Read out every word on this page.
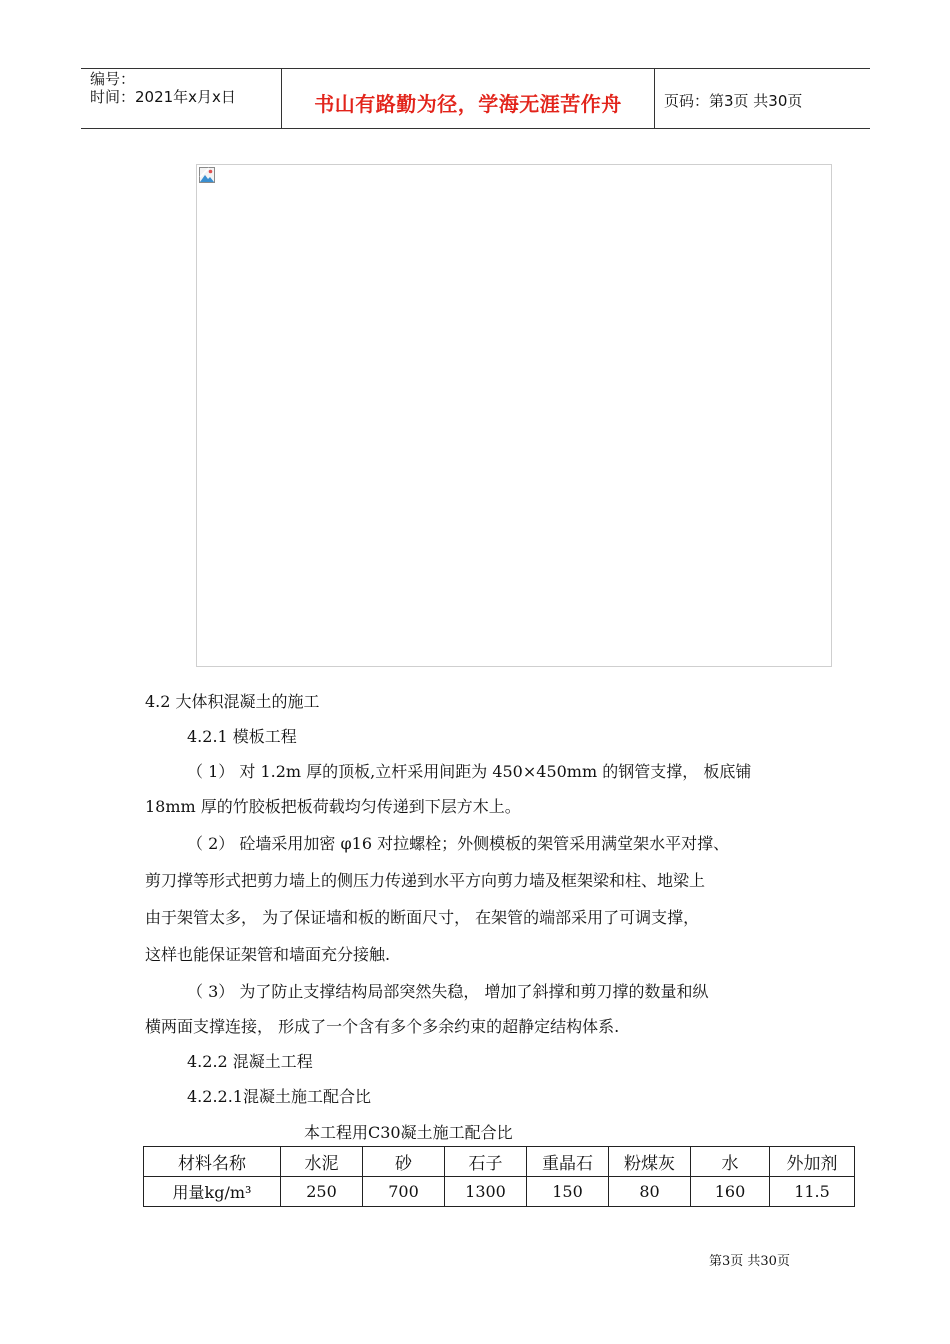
编号：
时间：2021年x月x日	书山有路勤为径，学海无涯苦作舟	页码：第3页 共30页
4.2 大体积混凝土的施工
4.2.1 模板工程
（ 1） 对 1.2m 厚的顶板,立杆采用间距为 450×450mm 的钢管支撑， 板底铺
18mm 厚的竹胶板把板荷载均匀传递到下层方木上。
（ 2） 砼墙采用加密 φ16 对拉螺栓；外侧模板的架管采用满堂架水平对撑、
剪刀撑等形式把剪力墙上的侧压力传递到水平方向剪力墙及框架梁和柱、地梁上
由于架管太多， 为了保证墙和板的断面尺寸， 在架管的端部采用了可调支撑，
这样也能保证架管和墙面充分接触.
（ 3） 为了防止支撑结构局部突然失稳， 增加了斜撑和剪刀撑的数量和纵
横两面支撑连接， 形成了一个含有多个多余约束的超静定结构体系.
4.2.2 混凝土工程
4.2.2.1混凝土施工配合比
本工程用C30凝土施工配合比
材料名称	水泥	砂	石子	重晶石	粉煤灰	水	外加剂
用量kg/m³	250	700	1300	150	80	160	11.5
第3页 共30页
